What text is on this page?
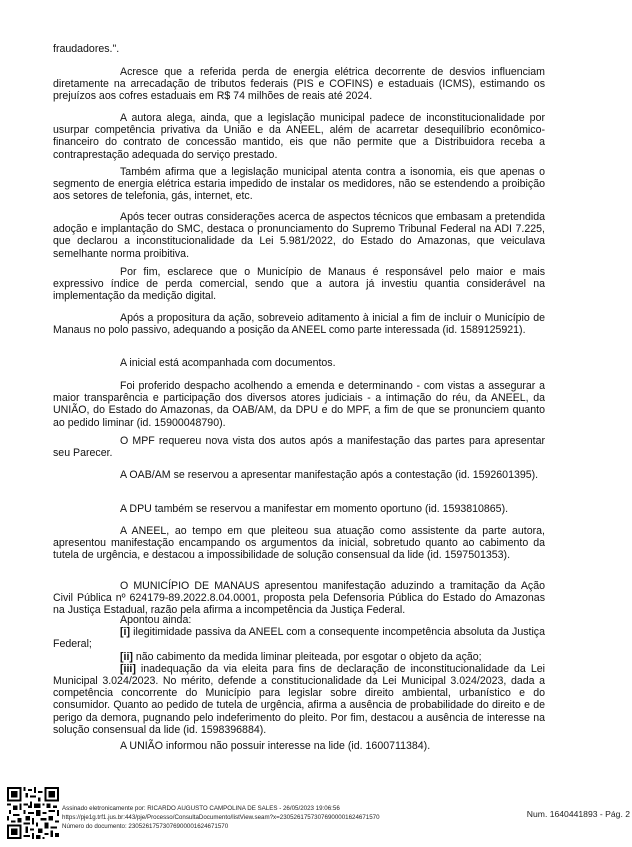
fraudadores.".

Acresce que a referida perda de energia elétrica decorrente de desvios influenciam diretamente na arrecadação de tributos federais (PIS e COFINS) e estaduais (ICMS), estimando os prejuízos aos cofres estaduais em R$ 74 milhões de reais até 2024.

A autora alega, ainda, que a legislação municipal padece de inconstitucionalidade por usurpar competência privativa da União e da ANEEL, além de acarretar desequilíbrio econômico-financeiro do contrato de concessão mantido, eis que não permite que a Distribuidora receba a contraprestação adequada do serviço prestado.

Também afirma que a legislação municipal atenta contra a isonomia, eis que apenas o segmento de energia elétrica estaria impedido de instalar os medidores, não se estendendo a proibição aos setores de telefonia, gás, internet, etc.

Após tecer outras considerações acerca de aspectos técnicos que embasam a pretendida adoção e implantação do SMC, destaca o pronunciamento do Supremo Tribunal Federal na ADI 7.225, que declarou a inconstitucionalidade da Lei 5.981/2022, do Estado do Amazonas, que veiculava semelhante norma proibitiva.

Por fim, esclarece que o Município de Manaus é responsável pelo maior e mais expressivo índice de perda comercial, sendo que a autora já investiu quantia considerável na implementação da medição digital.

Após a propositura da ação, sobreveio aditamento à inicial a fim de incluir o Município de Manaus no polo passivo, adequando a posição da ANEEL como parte interessada (id. 1589125921).

A inicial está acompanhada com documentos.

Foi proferido despacho acolhendo a emenda e determinando - com vistas a assegurar a maior transparência e participação dos diversos atores judiciais - a intimação do réu, da ANEEL, da UNIÃO, do Estado do Amazonas, da OAB/AM, da DPU e do MPF, a fim de que se pronunciem quanto ao pedido liminar (id. 15900048790).

O MPF requereu nova vista dos autos após a manifestação das partes para apresentar seu Parecer.

A OAB/AM se reservou a apresentar manifestação após a contestação (id. 1592601395).

A DPU também se reservou a manifestar em momento oportuno (id. 1593810865).

A ANEEL, ao tempo em que pleiteou sua atuação como assistente da parte autora, apresentou manifestação encampando os argumentos da inicial, sobretudo quanto ao cabimento da tutela de urgência, e destacou a impossibilidade de solução consensual da lide (id. 1597501353).

O MUNICÍPIO DE MANAUS apresentou manifestação aduzindo a tramitação da Ação Civil Pública nº 624179-89.2022.8.04.0001, proposta pela Defensoria Pública do Estado do Amazonas na Justiça Estadual, razão pela afirma a incompetência da Justiça Federal.

Apontou ainda:
[i] ilegitimidade passiva da ANEEL com a consequente incompetência absoluta da Justiça Federal;
[ii] não cabimento da medida liminar pleiteada, por esgotar o objeto da ação;
[iii] inadequação da via eleita para fins de declaração de inconstitucionalidade da Lei Municipal 3.024/2023. No mérito, defende a constitucionalidade da Lei Municipal 3.024/2023, dada a competência concorrente do Município para legislar sobre direito ambiental, urbanístico e do consumidor. Quanto ao pedido de tutela de urgência, afirma a ausência de probabilidade do direito e de perigo da demora, pugnando pelo indeferimento do pleito. Por fim, destacou a ausência de interesse na solução consensual da lide (id. 1598396884).

A UNIÃO informou não possuir interesse na lide (id. 1600711384).

Assinado eletronicamente por: RICARDO AUGUSTO CAMPOLINA DE SALES - 26/05/2023 19:06:56
https://pje1g.trf1.jus.br:443/pje/Processo/ConsultaDocumento/listView.seam?x=23052617573076900001624671570
Número do documento: 23052617573076900001624671570
Num. 1640441893 - Pág. 2
